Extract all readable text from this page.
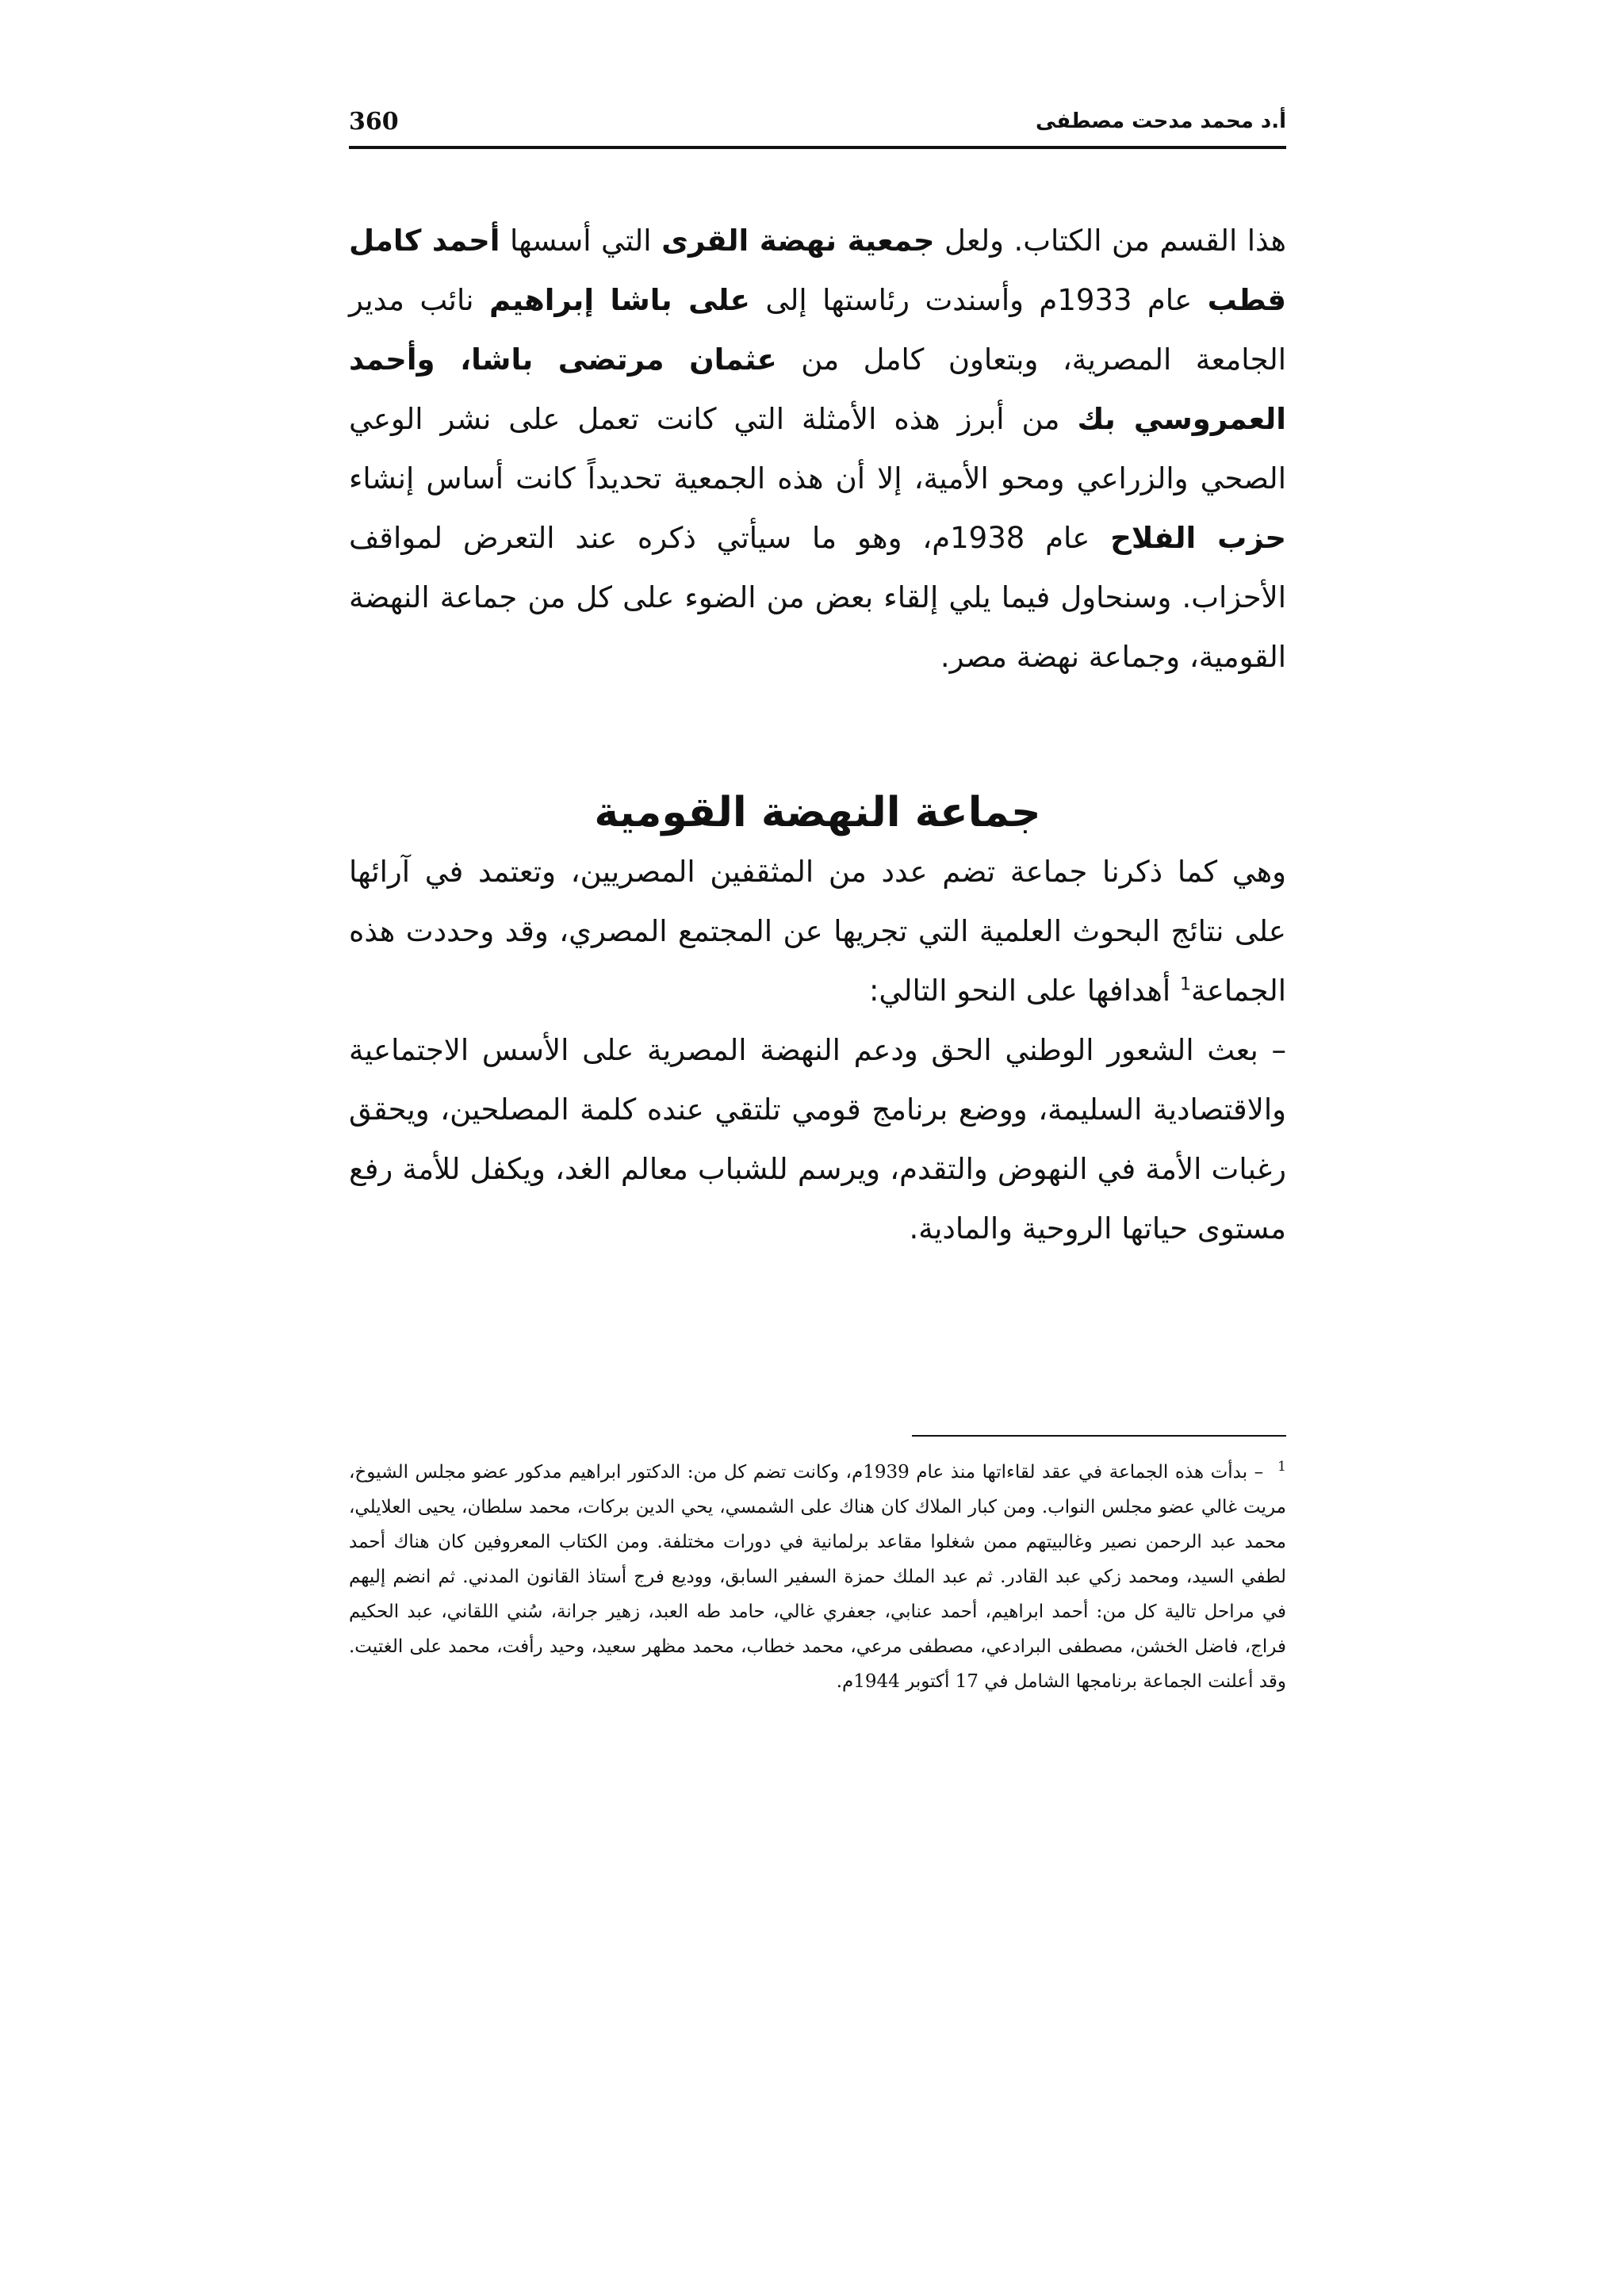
360	أ.د محمد مدحت مصطفى

هذا القسم من الكتاب. ولعل جمعية نهضة القرى التي أسسها أحمد كامل قطب عام 1933م وأسندت رئاستها إلى على باشا إبراهيم نائب مدير الجامعة المصرية، وبتعاون كامل من عثمان مرتضى باشا، وأحمد العمروسي بك من أبرز هذه الأمثلة التي كانت تعمل على نشر الوعي الصحي والزراعي ومحو الأمية، إلا أن هذه الجمعية تحديداً كانت أساس إنشاء حزب الفلاح عام 1938م، وهو ما سيأتي ذكره عند التعرض لمواقف الأحزاب. وسنحاول فيما يلي إلقاء بعض من الضوء على كل من جماعة النهضة القومية، وجماعة نهضة مصر.

جماعة النهضة القومية

وهي كما ذكرنا جماعة تضم عدد من المثقفين المصريين، وتعتمد في آرائها على نتائج البحوث العلمية التي تجريها عن المجتمع المصري، وقد وحددت هذه الجماعة$^1$ أهدافها على النحو التالي:

– بعث الشعور الوطني الحق ودعم النهضة المصرية على الأسس الاجتماعية والاقتصادية السليمة، ووضع برنامج قومي تلتقي عنده كلمة المصلحين، ويحقق رغبات الأمة في النهوض والتقدم، ويرسم للشباب معالم الغد، ويكفل للأمة رفع مستوى حياتها الروحية والمادية.

$^1$– بدأت هذه الجماعة في عقد لقاءاتها منذ عام 1939م، وكانت تضم كل من: الدكتور ابراهيم مدكور عضو مجلس الشيوخ، مريت غالي عضو مجلس النواب. ومن كبار الملاك كان هناك على الشمسي، يحي الدين بركات، محمد سلطان، يحيى العلايلي، محمد عبد الرحمن نصير وغالبيتهم ممن شغلوا مقاعد برلمانية في دورات مختلفة. ومن الكتاب المعروفين كان هناك أحمد لطفي السيد، ومحمد زكي عبد القادر. ثم عبد الملك حمزة السفير السابق، ووديع فرج أستاذ القانون المدني. ثم انضم إليهم في مراحل تالية كل من: أحمد ابراهيم، أحمد عنابي، جعفري غالي، حامد طه العبد، زهير جرانة، سُني اللقاني، عبد الحكيم فراج، فاضل الخشن، مصطفى البرادعي، مصطفى مرعي، محمد خطاب، محمد مظهر سعيد، وحيد رأفت، محمد على الغتيت. وقد أعلنت الجماعة برنامجها الشامل في 17 أكتوبر 1944م.
